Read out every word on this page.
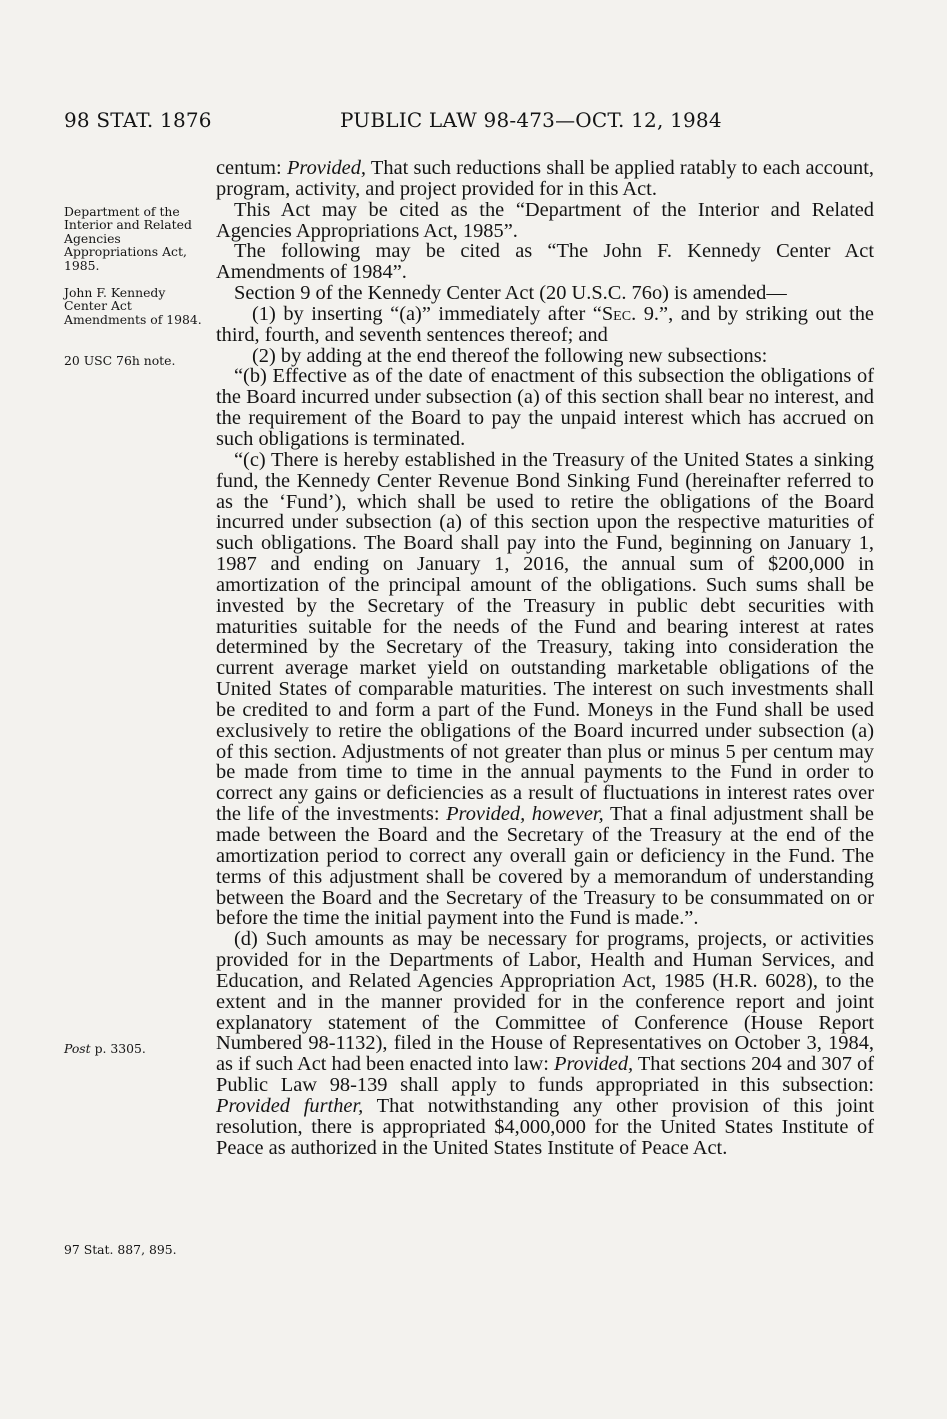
98 STAT. 1876	PUBLIC LAW 98-473—OCT. 12, 1984
Department of the Interior and Related Agencies Appropriations Act, 1985.
John F. Kennedy Center Act Amendments of 1984.
20 USC 76h note.
Post p. 3305.
97 Stat. 887, 895.

centum: Provided, That such reductions shall be applied ratably to each account, program, activity, and project provided for in this Act.

This Act may be cited as the “Department of the Interior and Related Agencies Appropriations Act, 1985”.

The following may be cited as “The John F. Kennedy Center Act Amendments of 1984”.

Section 9 of the Kennedy Center Act (20 U.S.C. 76o) is amended—

(1) by inserting “(a)” immediately after “Sec. 9.”, and by striking out the third, fourth, and seventh sentences thereof; and

(2) by adding at the end thereof the following new subsections:

“(b) Effective as of the date of enactment of this subsection the obligations of the Board incurred under subsection (a) of this section shall bear no interest, and the requirement of the Board to pay the unpaid interest which has accrued on such obligations is terminated.

“(c) There is hereby established in the Treasury of the United States a sinking fund, the Kennedy Center Revenue Bond Sinking Fund (hereinafter referred to as the ‘Fund’), which shall be used to retire the obligations of the Board incurred under subsection (a) of this section upon the respective maturities of such obligations. The Board shall pay into the Fund, beginning on January 1, 1987 and ending on January 1, 2016, the annual sum of $200,000 in amortization of the principal amount of the obligations. Such sums shall be invested by the Secretary of the Treasury in public debt securities with maturities suitable for the needs of the Fund and bearing interest at rates determined by the Secretary of the Treasury, taking into consideration the current average market yield on outstanding marketable obligations of the United States of comparable maturities. The interest on such investments shall be credited to and form a part of the Fund. Moneys in the Fund shall be used exclusively to retire the obligations of the Board incurred under subsection (a) of this section. Adjustments of not greater than plus or minus 5 per centum may be made from time to time in the annual payments to the Fund in order to correct any gains or deficiencies as a result of fluctuations in interest rates over the life of the investments: Provided, however, That a final adjustment shall be made between the Board and the Secretary of the Treasury at the end of the amortization period to correct any overall gain or deficiency in the Fund. The terms of this adjustment shall be covered by a memorandum of understanding between the Board and the Secretary of the Treasury to be consummated on or before the time the initial payment into the Fund is made.”.

(d) Such amounts as may be necessary for programs, projects, or activities provided for in the Departments of Labor, Health and Human Services, and Education, and Related Agencies Appropriation Act, 1985 (H.R. 6028), to the extent and in the manner provided for in the conference report and joint explanatory statement of the Committee of Conference (House Report Numbered 98-1132), filed in the House of Representatives on October 3, 1984, as if such Act had been enacted into law: Provided, That sections 204 and 307 of Public Law 98-139 shall apply to funds appropriated in this subsection: Provided further, That notwithstanding any other provision of this joint resolution, there is appropriated $4,000,000 for the United States Institute of Peace as authorized in the United States Institute of Peace Act.
